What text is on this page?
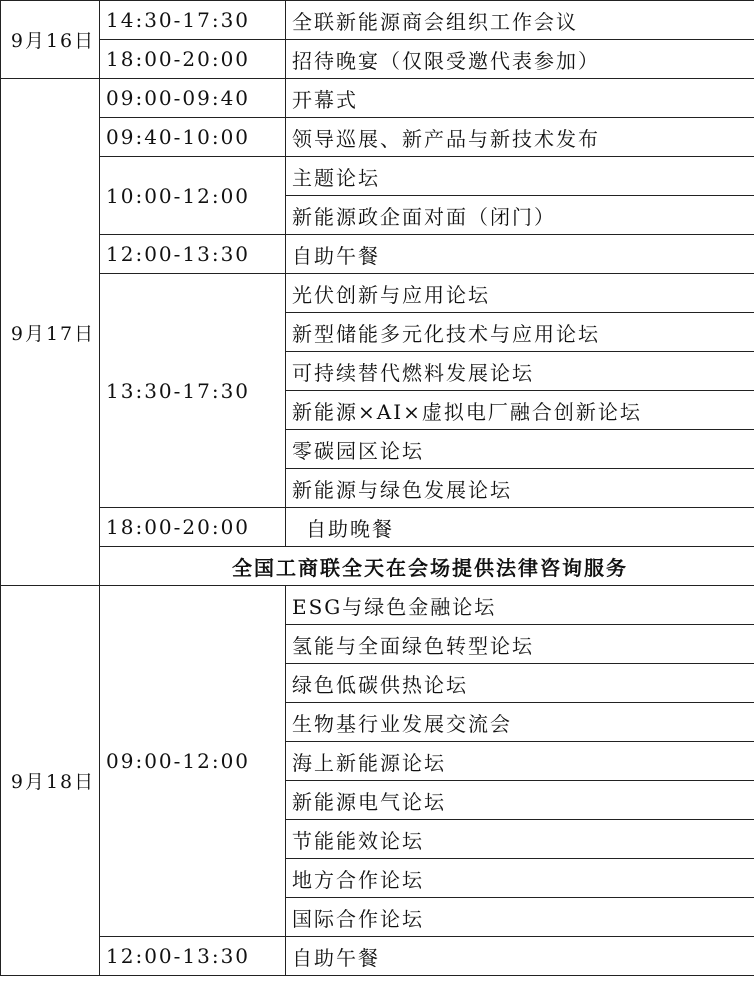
9月16日	14:30-17:30	全联新能源商会组织工作会议
	18:00-20:00	招待晚宴（仅限受邀代表参加）
9月17日	09:00-09:40	开幕式
	09:40-10:00	领导巡展、新产品与新技术发布
	10:00-12:00	主题论坛
		新能源政企面对面（闭门）
	12:00-13:30	自助午餐
	13:30-17:30	光伏创新与应用论坛
		新型储能多元化技术与应用论坛
		可持续替代燃料发展论坛
		新能源×AI×虚拟电厂融合创新论坛
		零碳园区论坛
		新能源与绿色发展论坛
	18:00-20:00	自助晚餐
	全国工商联全天在会场提供法律咨询服务	
9月18日	09:00-12:00	ESG与绿色金融论坛
		氢能与全面绿色转型论坛
		绿色低碳供热论坛
		生物基行业发展交流会
		海上新能源论坛
		新能源电气论坛
		节能能效论坛
		地方合作论坛
		国际合作论坛
	12:00-13:30	自助午餐
